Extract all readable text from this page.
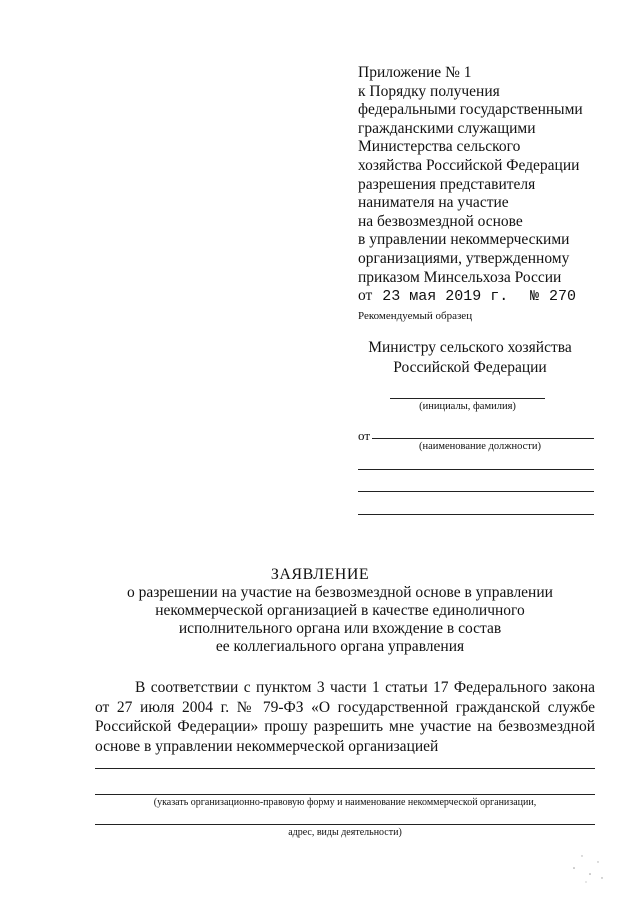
Приложение № 1
к Порядку получения
федеральными государственными
гражданскими служащими
Министерства сельского
хозяйства Российской Федерации
разрешения представителя
нанимателя на участие
на безвозмездной основе
в управлении некоммерческими
организациями, утвержденному
приказом Минсельхоза России
от 23 мая 2019 г. № 270
Рекомендуемый образец
Министру сельского хозяйства
Российской Федерации
(инициалы, фамилия)
от
(наименование должности)
ЗАЯВЛЕНИЕ
о разрешении на участие на безвозмездной основе в управлении
некоммерческой организацией в качестве единоличного
исполнительного органа или вхождение в состав
ее коллегиального органа управления
В соответствии с пунктом 3 части 1 статьи 17 Федерального закона от 27 июля 2004 г. № 79-ФЗ «О государственной гражданской службе Российской Федерации» прошу разрешить мне участие на безвозмездной основе в управлении некоммерческой организацией
(указать организационно-правовую форму и наименование некоммерческой организации,
адрес, виды деятельности)
